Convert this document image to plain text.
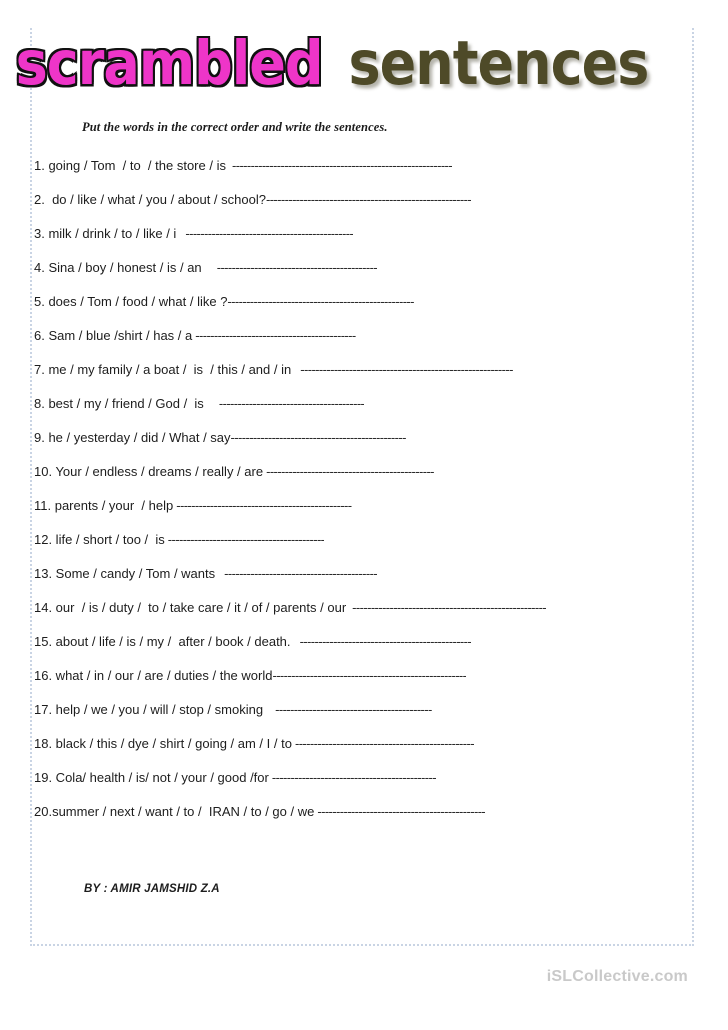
scrambled sentences
Put the words in the correct order and write the sentences.
1. going / Tom  / to  / the store / is -----------------------------------------------------------
2.  do / like / what / you / about / school? -------------------------------------------------------
3. milk / drink / to / like / i ---------------------------------------------
4. Sina / boy / honest / is / an -------------------------------------------
5. does / Tom / food / what / like ? --------------------------------------------------
6. Sam / blue /shirt / has / a -------------------------------------------
7. me / my family / a boat /  is  / this / and / in ---------------------------------------------------------
8. best / my / friend / God /  is ---------------------------------------
9. he / yesterday / did / What / say -----------------------------------------------
10. Your / endless / dreams / really / are ---------------------------------------------
11. parents / your  / help -----------------------------------------------
12. life / short / too /  is ------------------------------------------
13. Some / candy / Tom / wants -----------------------------------------
14. our  / is / duty /  to / take care / it / of / parents / our ----------------------------------------------------
15. about / life / is / my /  after / book / death. ----------------------------------------------
16. what / in / our / are / duties / the world ----------------------------------------------------
17. help / we / you / will / stop / smoking ------------------------------------------
18. black / this / dye / shirt / going / am / I / to ------------------------------------------------
19. Cola/ health / is/ not / your / good /for --------------------------------------------
20.summer / next / want / to /  IRAN / to / go / we ---------------------------------------------
BY : AMIR JAMSHID Z.A
iSLCollective.com
